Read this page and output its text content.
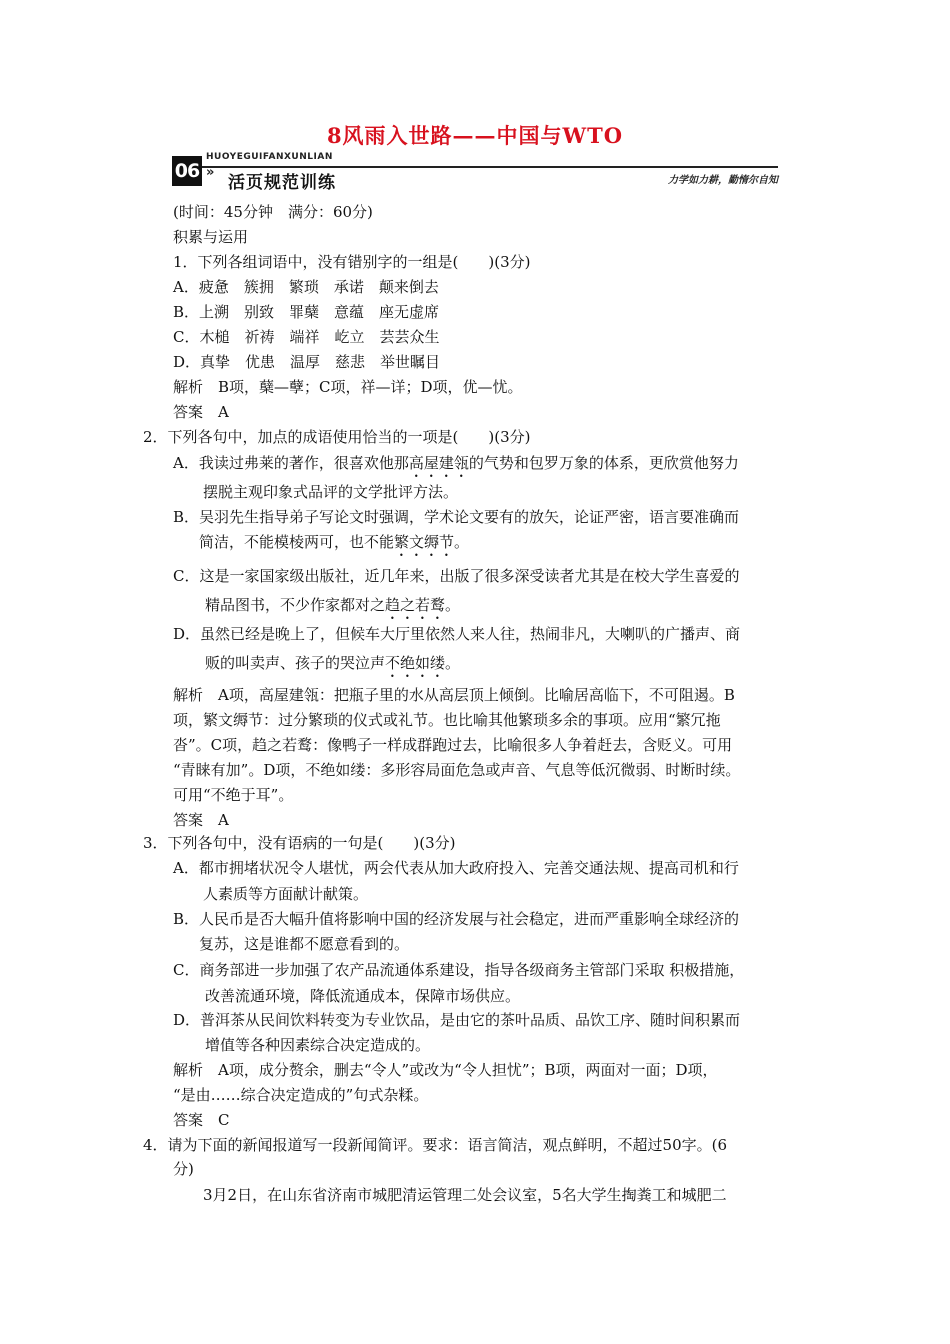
8风雨入世路——中国与WTO
06
HUOYEGUIFANXUNLIAN
»
活页规范训练	力学如力耕，勤惰尔自知
(时间：45分钟　满分：60分)
积累与运用
1．下列各组词语中，没有错别字的一组是(　　)(3分)
A．疲惫　簇拥　繁琐　承诺　颠来倒去
B．上溯　别致　罪蘖　意蕴　座无虚席
C．木槌　祈祷　端祥　屹立　芸芸众生
D．真挚　优患　温厚　慈悲　举世瞩目
解析　B项，蘖—孽；C项，祥—详；D项，优—忧。
答案　A
2．下列各句中，加点的成语使用恰当的一项是(　　)(3分)
A．我读过弗莱的著作，很喜欢他那高屋建瓴的气势和包罗万象的体系，更欣赏他努力
摆脱主观印象式品评的文学批评方法。
B．吴羽先生指导弟子写论文时强调，学术论文要有的放矢，论证严密，语言要准确而
简洁，不能模棱两可，也不能繁文缛节。
C．这是一家国家级出版社，近几年来，出版了很多深受读者尤其是在校大学生喜爱的
精品图书，不少作家都对之趋之若鹜。
D．虽然已经是晚上了，但候车大厅里依然人来人往，热闹非凡，大喇叭的广播声、商
贩的叫卖声、孩子的哭泣声不绝如缕。
解析　A项，高屋建瓴：把瓶子里的水从高层顶上倾倒。比喻居高临下，不可阻遏。B
项，繁文缛节：过分繁琐的仪式或礼节。也比喻其他繁琐多余的事项。应用“繁冗拖
沓”。C项，趋之若鹜：像鸭子一样成群跑过去，比喻很多人争着赶去，含贬义。可用
“青睐有加”。D项，不绝如缕：多形容局面危急或声音、气息等低沉微弱、时断时续。
可用“不绝于耳”。
答案　A
3．下列各句中，没有语病的一句是(　　)(3分)
A．都市拥堵状况令人堪忧，两会代表从加大政府投入、完善交通法规、提高司机和行
人素质等方面献计献策。
B．人民币是否大幅升值将影响中国的经济发展与社会稳定，进而严重影响全球经济的
复苏，这是谁都不愿意看到的。
C．商务部进一步加强了农产品流通体系建设，指导各级商务主管部门采取 积极措施，
改善流通环境，降低流通成本，保障市场供应。
D．普洱茶从民间饮料转变为专业饮品，是由它的茶叶品质、品饮工序、随时间积累而
增值等各种因素综合决定造成的。
解析　A项，成分赘余，删去“令人”或改为“令人担忧”；B项，两面对一面；D项，
“是由……综合决定造成的”句式杂糅。
答案　C
4．请为下面的新闻报道写一段新闻简评。要求：语言简洁，观点鲜明，不超过50字。(6
分)
3月2日，在山东省济南市城肥清运管理二处会议室，5名大学生掏粪工和城肥二
